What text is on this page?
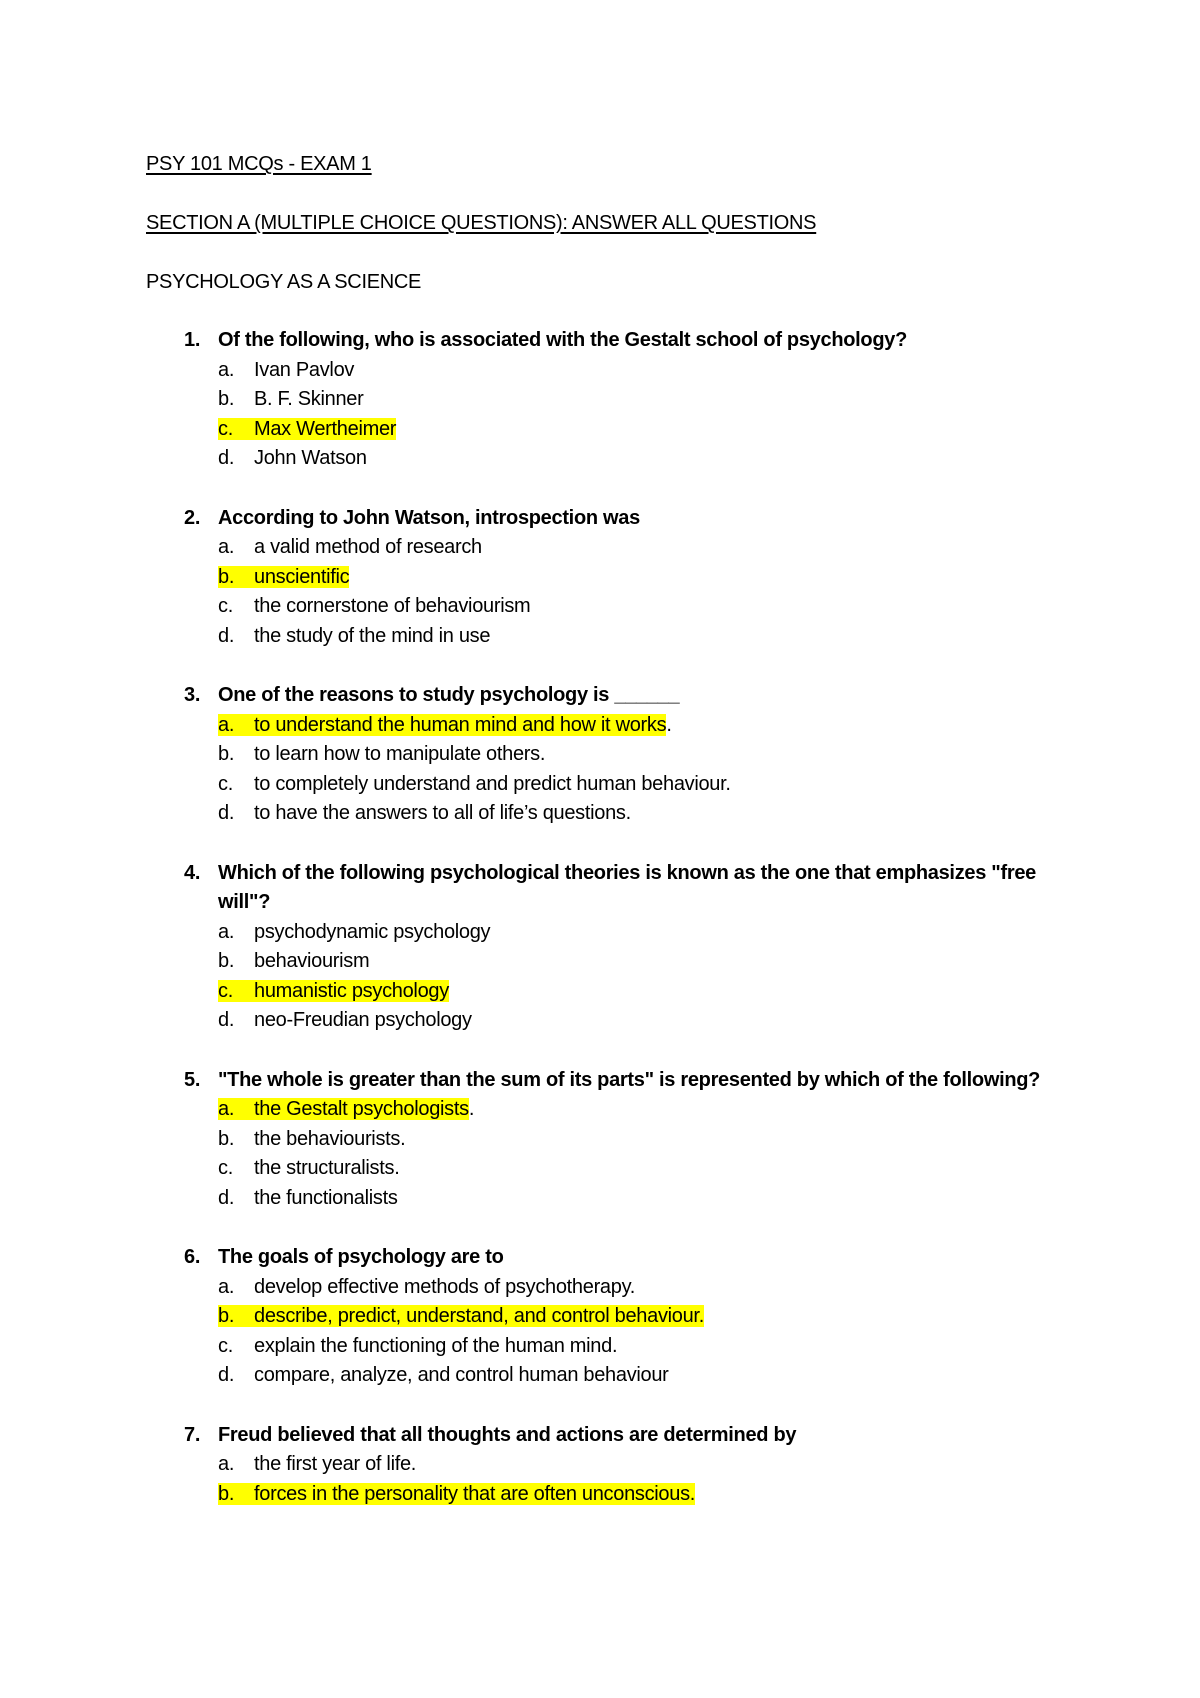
PSY 101 MCQs - EXAM 1

SECTION A (MULTIPLE CHOICE QUESTIONS): ANSWER ALL QUESTIONS

PSYCHOLOGY AS A SCIENCE

1. Of the following, who is associated with the Gestalt school of psychology?
a. Ivan Pavlov
b. B. F. Skinner
c. Max Wertheimer
d. John Watson
2. According to John Watson, introspection was
a. a valid method of research
b. unscientific
c. the cornerstone of behaviourism
d. the study of the mind in use
3. One of the reasons to study psychology is ______
a. to understand the human mind and how it works.
b. to learn how to manipulate others.
c. to completely understand and predict human behaviour.
d. to have the answers to all of life’s questions.
4. Which of the following psychological theories is known as the one that emphasizes "free will"?
a. psychodynamic psychology
b. behaviourism
c. humanistic psychology
d. neo-Freudian psychology
5. "The whole is greater than the sum of its parts" is represented by which of the following?
a. the Gestalt psychologists.
b. the behaviourists.
c. the structuralists.
d. the functionalists
6. The goals of psychology are to
a. develop effective methods of psychotherapy.
b. describe, predict, understand, and control behaviour.
c. explain the functioning of the human mind.
d. compare, analyze, and control human behaviour
7. Freud believed that all thoughts and actions are determined by
a. the first year of life.
b. forces in the personality that are often unconscious.
